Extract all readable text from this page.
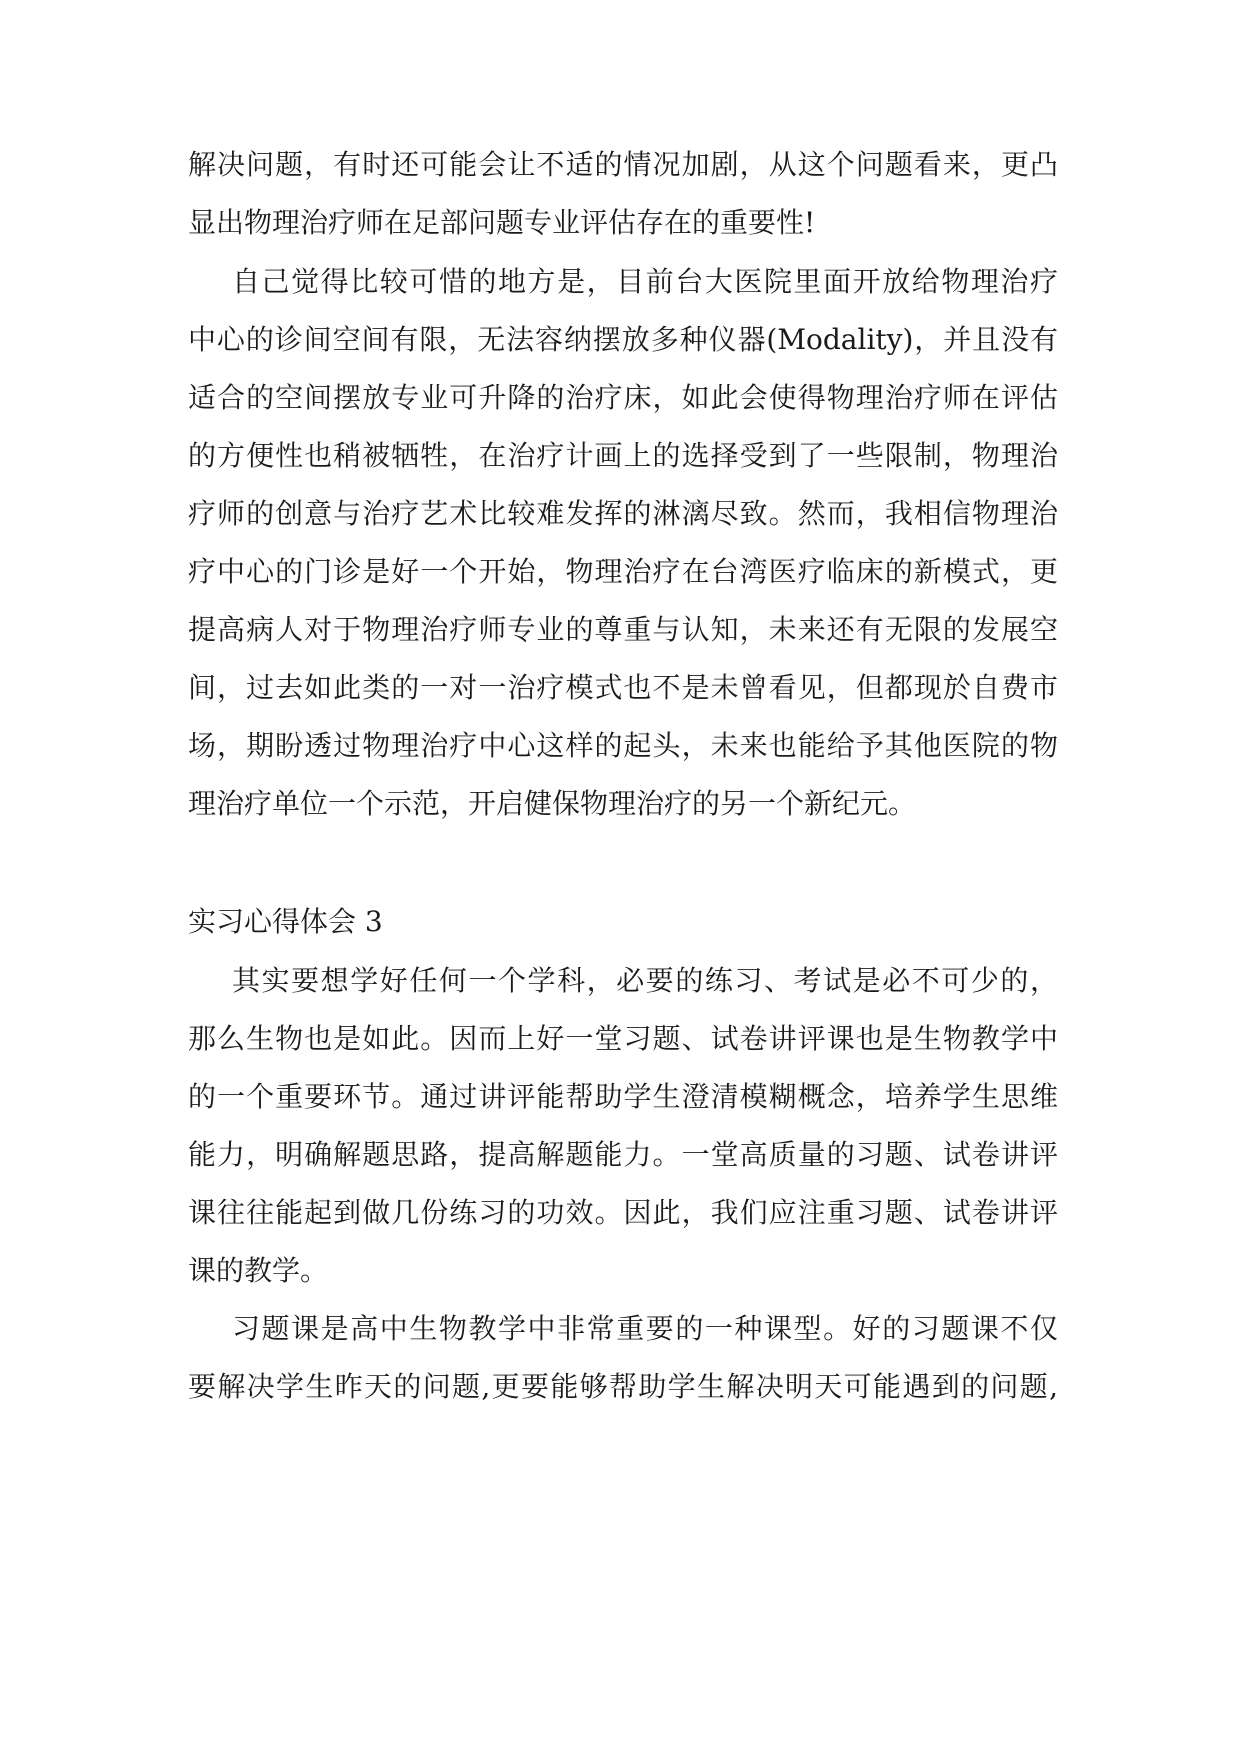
解决问题，有时还可能会让不适的情况加剧，从这个问题看来，更凸
显出物理治疗师在足部问题专业评估存在的重要性!
自己觉得比较可惜的地方是，目前台大医院里面开放给物理治疗
中心的诊间空间有限，无法容纳摆放多种仪器(Modality)，并且没有
适合的空间摆放专业可升降的治疗床，如此会使得物理治疗师在评估
的方便性也稍被牺牲，在治疗计画上的选择受到了一些限制，物理治
疗师的创意与治疗艺术比较难发挥的淋漓尽致。然而，我相信物理治
疗中心的门诊是好一个开始，物理治疗在台湾医疗临床的新模式，更
提高病人对于物理治疗师专业的尊重与认知，未来还有无限的发展空
间，过去如此类的一对一治疗模式也不是未曾看见，但都现於自费市
场，期盼透过物理治疗中心这样的起头，未来也能给予其他医院的物
理治疗单位一个示范，开启健保物理治疗的另一个新纪元。
实习心得体会 3
其实要想学好任何一个学科，必要的练习、考试是必不可少的，
那么生物也是如此。因而上好一堂习题、试卷讲评课也是生物教学中
的一个重要环节。通过讲评能帮助学生澄清模糊概念，培养学生思维
能力，明确解题思路，提高解题能力。一堂高质量的习题、试卷讲评
课往往能起到做几份练习的功效。因此，我们应注重习题、试卷讲评
课的教学。
习题课是高中生物教学中非常重要的一种课型。好的习题课不仅
要解决学生昨天的问题,更要能够帮助学生解决明天可能遇到的问题,
